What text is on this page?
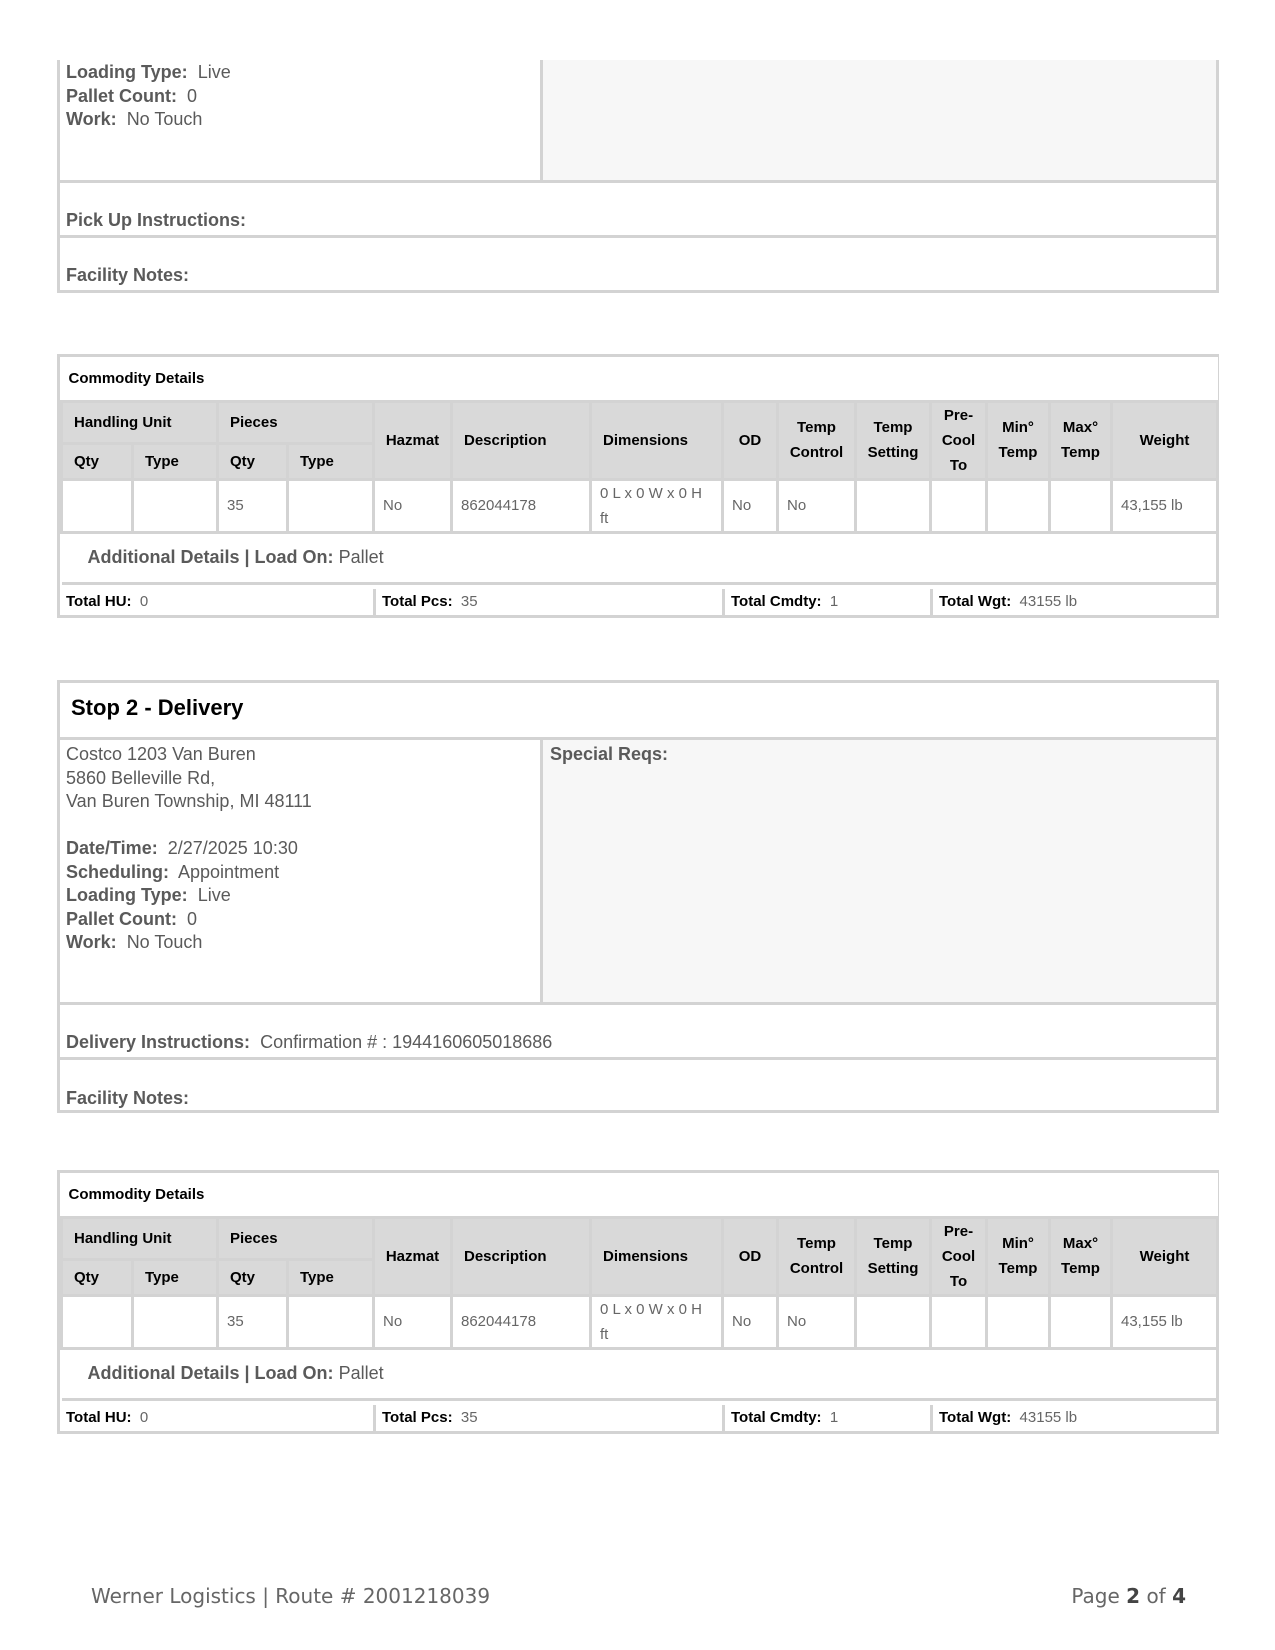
Loading Type: Live
Pallet Count: 0
Work: No Touch
Pick Up Instructions:
Facility Notes:
Commodity Details													
Handling Unit		Pieces		Hazmat	Description	Dimensions	OD	Temp Control	Temp Setting	Pre-Cool To	Min° Temp	Max° Temp	Weight
Qty	Type	Qty	Type										
		35		No	862044178	0 L x 0 W x 0 H ft	No	No					43,155 lb
Additional Details | Load On: Pallet													
Total HU: 0	Total Pcs: 35	Total Cmdty: 1	Total Wgt: 43155 lb
Stop 2 - Delivery
Special Reqs:
Costco 1203 Van Buren
5860 Belleville Rd,
Van Buren Township, MI 48111

Date/Time: 2/27/2025 10:30
Scheduling: Appointment
Loading Type: Live
Pallet Count: 0
Work: No Touch
Delivery Instructions: Confirmation # : 1944160605018686
Facility Notes:
Commodity Details													
Handling Unit		Pieces		Hazmat	Description	Dimensions	OD	Temp Control	Temp Setting	Pre-Cool To	Min° Temp	Max° Temp	Weight
Qty	Type	Qty	Type										
		35		No	862044178	0 L x 0 W x 0 H ft	No	No					43,155 lb
Additional Details | Load On: Pallet													
Total HU: 0	Total Pcs: 35	Total Cmdty: 1	Total Wgt: 43155 lb
Werner Logistics | Route # 2001218039	Page 2 of 4
